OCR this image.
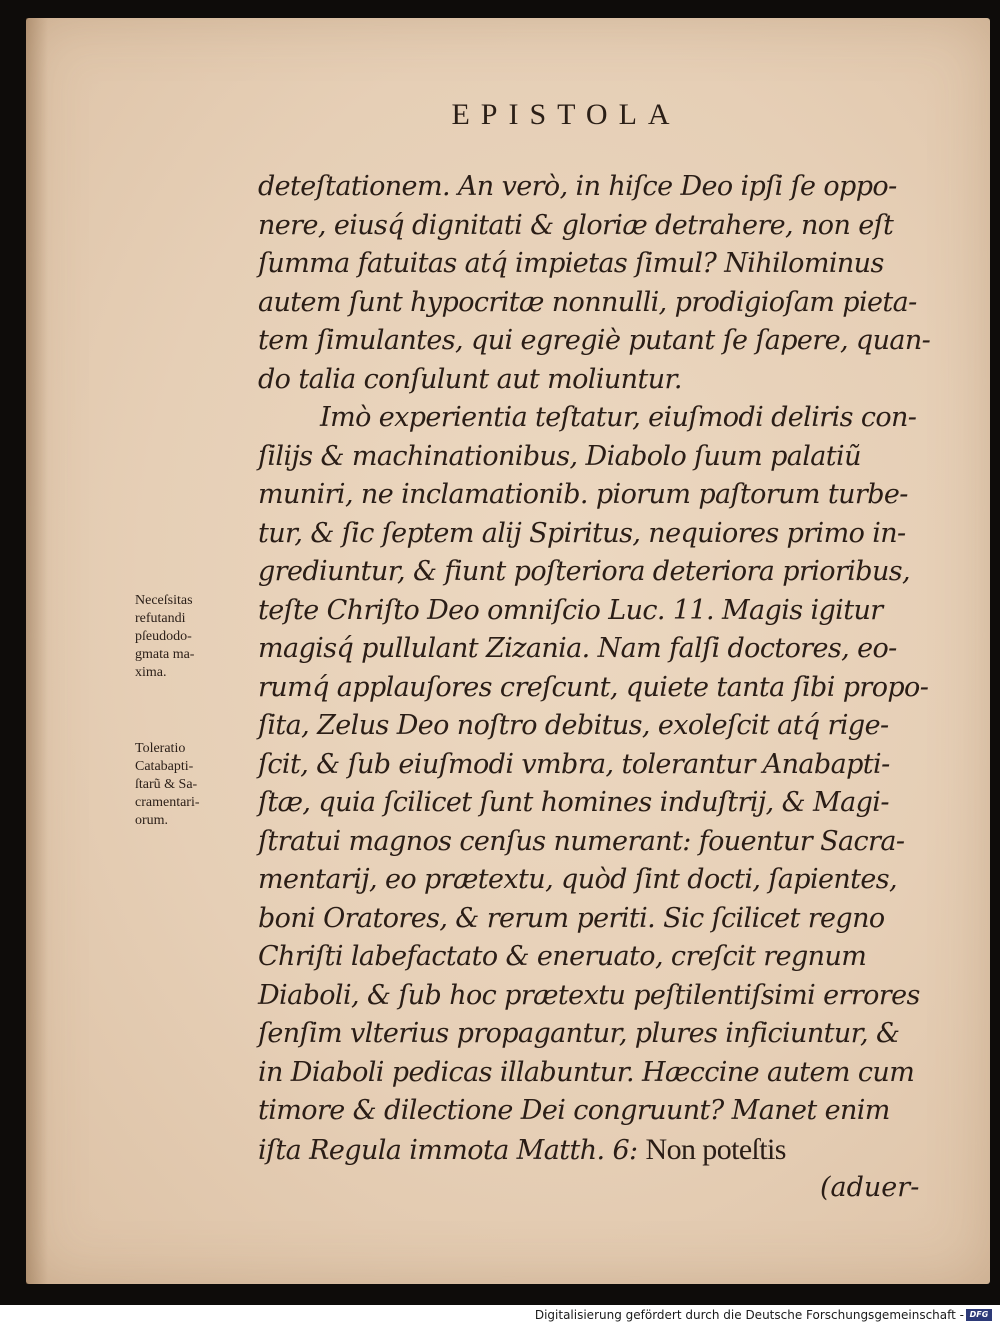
EPISTOLA
deteſtationem. An verò, in hiſce Deo ipſi ſe oppo-
nere, eiusq́ dignitati & gloriæ detrahere, non eſt
ſumma fatuitas atq́ impietas ſimul? Nihilominus
autem ſunt hypocritæ nonnulli, prodigioſam pieta-
tem ſimulantes, qui egregiè putant ſe ſapere, quan-
do talia conſulunt aut moliuntur.
Imò experientia teſtatur, eiuſmodi deliris con-
ſilijs & machinationibus, Diabolo ſuum palatiũ
muniri, ne inclamationib. piorum paſtorum turbe-
tur, & ſic ſeptem alij Spiritus, nequiores primo in-
grediuntur, & fiunt poſteriora deteriora prioribus,
teſte Chriſto Deo omniſcio Luc. 11. Magis igitur
magisq́ pullulant Zizania. Nam falſi doctores, eo-
rumq́ applauſores creſcunt, quiete tanta ſibi propo-
ſita, Zelus Deo noſtro debitus, exoleſcit atq́ rige-
ſcit, & ſub eiuſmodi vmbra, tolerantur Anabapti-
ſtæ, quia ſcilicet ſunt homines induſtrij, & Magi-
ſtratui magnos cenſus numerant: fouentur Sacra-
mentarij, eo prætextu, quòd ſint docti, ſapientes,
boni Oratores, & rerum periti. Sic ſcilicet regno
Chriſti labefactato & eneruato, creſcit regnum
Diaboli, & ſub hoc prætextu peſtilentiſsimi errores
ſenſim vlterius propagantur, plures inficiuntur, &
in Diaboli pedicas illabuntur. Hæccine autem cum
timore & dilectione Dei congruunt? Manet enim
iſta Regula immota Matth. 6: Non poteſtis
(aduer-
Neceſsitas
refutandi
pſeudodo-
gmata ma-
xima.
Toleratio
Catabapti-
ſtarũ & Sa-
cramentari-
orum.
Digitalisierung gefördert durch die Deutsche Forschungsgemeinschaft - DFG
